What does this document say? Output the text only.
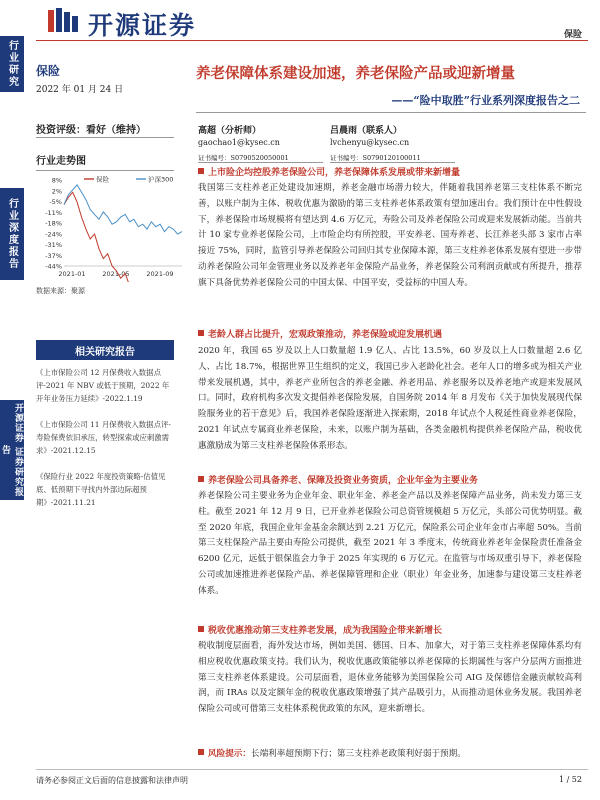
行业研究
行业深度报告
开源证券 证券研究报告
开源证券	保险
保险
2022 年 01 月 24 日
投资评级：看好（维持）
行业走势图
8%
2%
-5%
-11%
-18%
-24%
-31%
-37%
-44%
2021-01	2021-05	2021-09
保险	沪深300
数据来源：聚源
相关研究报告
《上市保险公司 12 月保费收入数据点评-2021 年 NBV 或低于预期，2022 年开年业务压力延续》-2022.1.19
《上市保险公司 11 月保费收入数据点评-寿险保费依旧承压，转型探索或应刺激需求》-2021.12.15
《保险行业 2022 年度投资策略-估值见底、低预期下寻找内外部边际超预期》-2021.11.21
养老保障体系建设加速，养老保险产品或迎新增量
——“险中取胜”行业系列深度报告之二
高超（分析师）
gaochao1@kysec.cn
证书编号：S0790520050001
吕晨雨（联系人）
lvchenyu@kysec.cn
证书编号：S0790120100011
上市险企均控股养老保险公司，养老保障体系发展或带来新增量
我国第三支柱养老正处建设加速期，养老金融市场潜力较大，伴随着我国养老第三支柱体系不断完善，以账户制为主体、税收优惠为激励的第三支柱养老体系政策有望加速出台。我们预计在中性假设下，养老保险市场规模将有望达到 4.6 万亿元，寿险公司及养老保险公司或迎来发展新动能。当前共计 10 家专业养老保险公司，上市险企均有所控股，平安养老、国寿养老、长江养老头部 3 家市占率接近 75%，同时，监管引导养老保险公司回归其专业保障本源，第三支柱养老体系发展有望进一步带动养老保险公司年金管理业务以及养老年金保险产品业务，养老保险公司利润贡献或有所提升，推荐旗下具备优势养老保险公司的中国太保、中国平安，受益标的中国人寿。
老龄人群占比提升，宏观政策推动，养老保险或迎发展机遇
2020 年，我国 65 岁及以上人口数量超 1.9 亿人、占比 13.5%，60 岁及以上人口数量超 2.6 亿人、占比 18.7%，根据世界卫生组织的定义，我国已步入老龄化社会。老年人口的增多或为相关产业带来发展机遇，其中，养老产业所包含的养老金融、养老用品、养老服务以及养老地产或迎来发展风口。同时，政府机构多次发文提倡养老保险发展，自国务院 2014 年 8 月发布《关于加快发展现代保险服务业的若干意见》后，我国养老保险逐渐进入探索期，2018 年试点个人税延性商业养老保险，2021 年试点专属商业养老保险，未来，以账户制为基础，各类金融机构提供养老保险产品，税收优惠激励成为第三支柱养老保险体系形态。
养老保险公司具备养老、保障及投资业务资质，企业年金为主要业务
养老保险公司主要业务为企业年金、职业年金、养老金产品以及养老保障产品业务，尚未发力第三支柱。截至 2021 年 12 月 9 日，已开业养老保险公司总资管规模超 5 万亿元，头部公司优势明显。截至 2020 年底，我国企业年金基金余额达到 2.21 万亿元，保险系公司企业年金市占率超 50%。当前第三支柱保险产品主要由寿险公司提供，截至 2021 年 3 季度末，传统商业养老年金保险责任准备金 6200 亿元，远低于银保监会力争于 2025 年实现的 6 万亿元。在监管与市场双重引导下，养老保险公司或加速推进养老保险产品、养老保障管理和企业（职业）年金业务，加速参与建设第三支柱养老体系。
税收优惠推动第三支柱养老发展，成为我国险企带来新增长
税收制度层面看，海外发达市场，例如美国、德国、日本、加拿大，对于第三支柱养老保障体系均有相应税收优惠政策支持。我们认为，税收优惠政策能够以养老保障的长期属性与客户分层两方面推进第三支柱养老体系建设。公司层面看，退休业务能够为美国保险公司 AIG 及保德信金融贡献较高利润，而 IRAs 以及定额年金的税收优惠政策增强了其产品吸引力，从而推动退休业务发展。我国养老保险公司或可借第三支柱体系税优政策的东风，迎来新增长。
风险提示：长端利率超预期下行；第三支柱养老政策利好弱于预期。
请务必参阅正文后面的信息披露和法律声明	1 / 52
